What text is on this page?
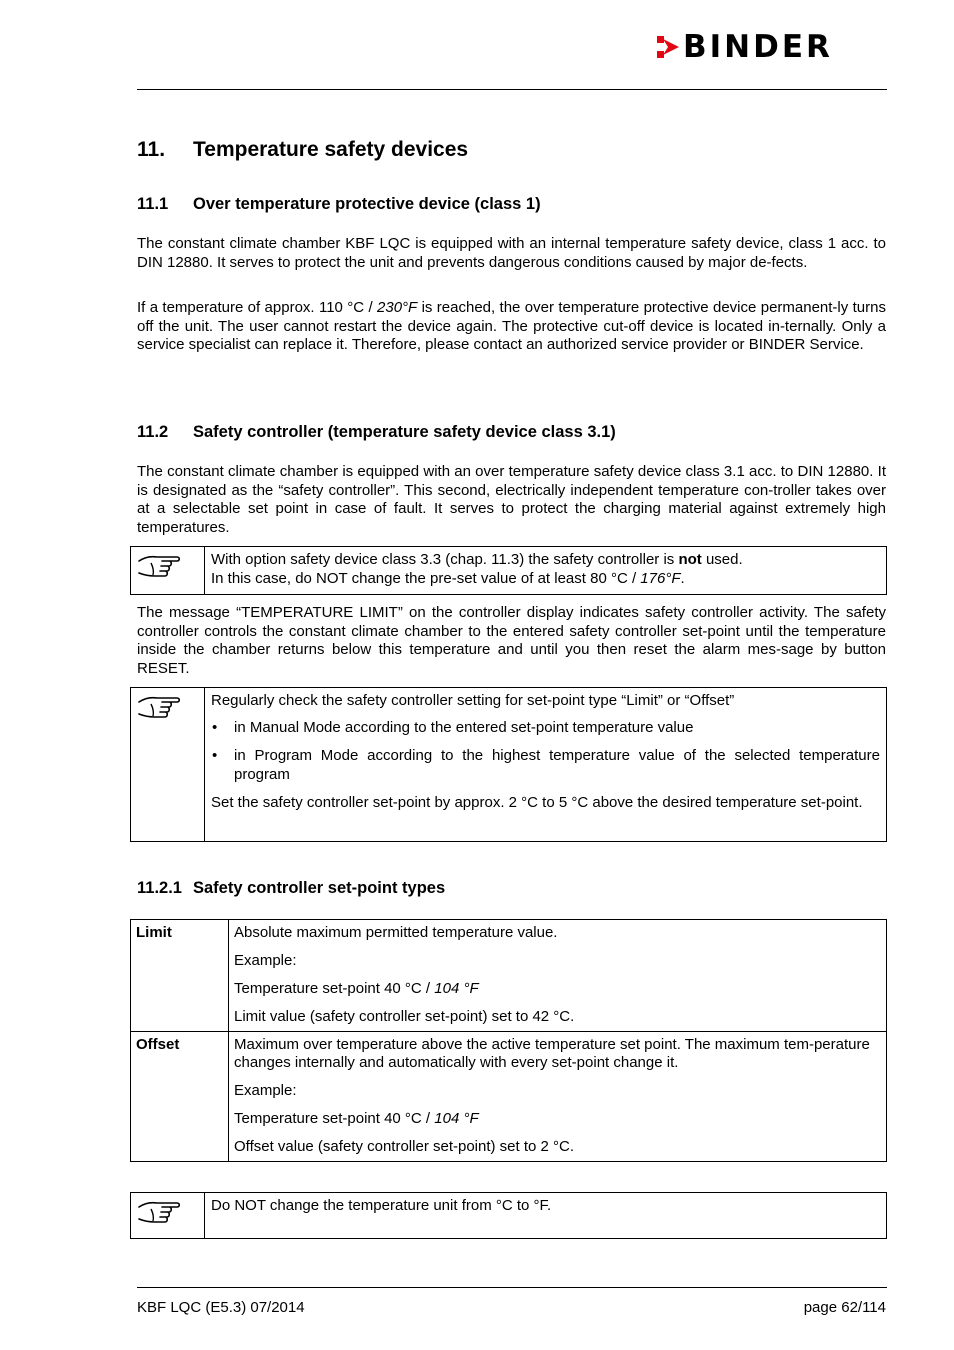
BINDER
11. Temperature safety devices
11.1 Over temperature protective device (class 1)

The constant climate chamber KBF LQC is equipped with an internal temperature safety device, class 1 acc. to DIN 12880. It serves to protect the unit and prevents dangerous conditions caused by major de-fects.

If a temperature of approx. 110 °C / 230°F is reached, the over temperature protective device permanent-ly turns off the unit. The user cannot restart the device again. The protective cut-off device is located in-ternally. Only a service specialist can replace it. Therefore, please contact an authorized service provider or BINDER Service.

11.2 Safety controller (temperature safety device class 3.1)

The constant climate chamber is equipped with an over temperature safety device class 3.1 acc. to DIN 12880. It is designated as the “safety controller”. This second, electrically independent temperature con-troller takes over at a selectable set point in case of fault. It serves to protect the charging material against extremely high temperatures.

With option safety device class 3.3 (chap. 11.3) the safety controller is not used.

In this case, do NOT change the pre-set value of at least 80 °C / 176°F.

The message “TEMPERATURE LIMIT” on the controller display indicates safety controller activity. The safety controller controls the constant climate chamber to the entered safety controller set-point until the temperature inside the chamber returns below this temperature and until you then reset the alarm mes-sage by button RESET.

Regularly check the safety controller setting for set-point type “Limit” or “Offset”

• in Manual Mode according to the entered set-point temperature value
• in Program Mode according to the highest temperature value of the selected temperature program

Set the safety controller set-point by approx. 2 °C to 5 °C above the desired temperature set-point.

11.2.1 Safety controller set-point types
Limit	Absolute maximum permitted temperature value.

Example:

Temperature set-point 40 °C / 104 °F

Limit value (safety controller set-point) set to 42 °C.

Offset	Maximum over temperature above the active temperature set point. The maximum tem-perature changes internally and automatically with every set-point change it.

Example:

Temperature set-point 40 °C / 104 °F

Offset value (safety controller set-point) set to 2 °C.

Do NOT change the temperature unit from °C to °F.
KBF LQC (E5.3) 07/2014	page 62/114
